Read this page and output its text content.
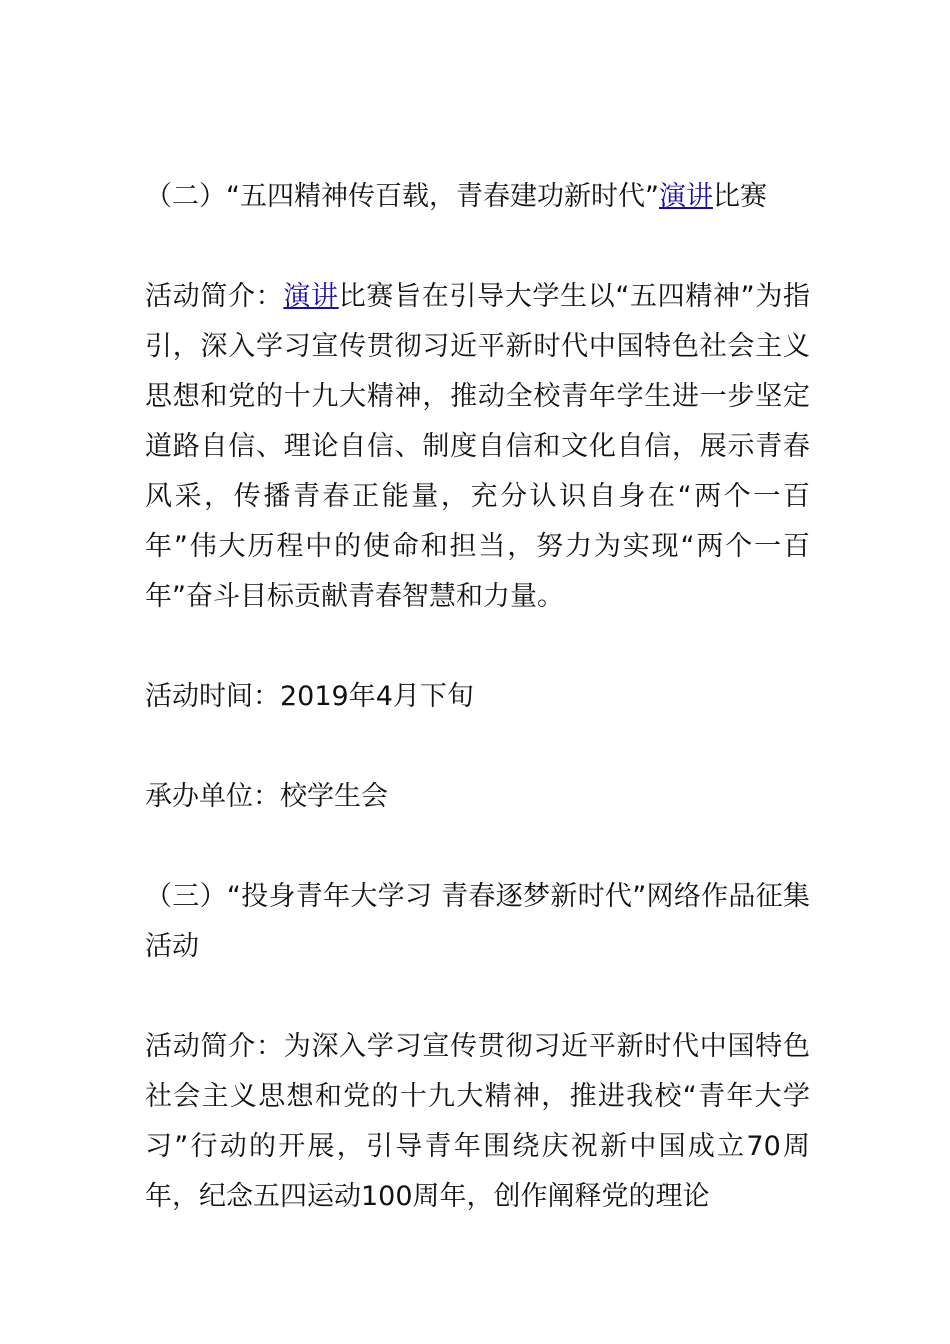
（二）“五四精神传百载，青春建功新时代”演讲比赛

活动简介：演讲比赛旨在引导大学生以“五四精神”为指引，深入学习宣传贯彻习近平新时代中国特色社会主义思想和党的十九大精神，推动全校青年学生进一步坚定道路自信、理论自信、制度自信和文化自信，展示青春风采，传播青春正能量，充分认识自身在“两个一百年”伟大历程中的使命和担当，努力为实现“两个一百年”奋斗目标贡献青春智慧和力量。

活动时间：2019年4月下旬

承办单位：校学生会

（三）“投身青年大学习 青春逐梦新时代”网络作品征集活动

活动简介：为深入学习宣传贯彻习近平新时代中国特色社会主义思想和党的十九大精神，推进我校“青年大学习”行动的开展，引导青年围绕庆祝新中国成立70周年，纪念五四运动100周年，创作阐释党的理论
